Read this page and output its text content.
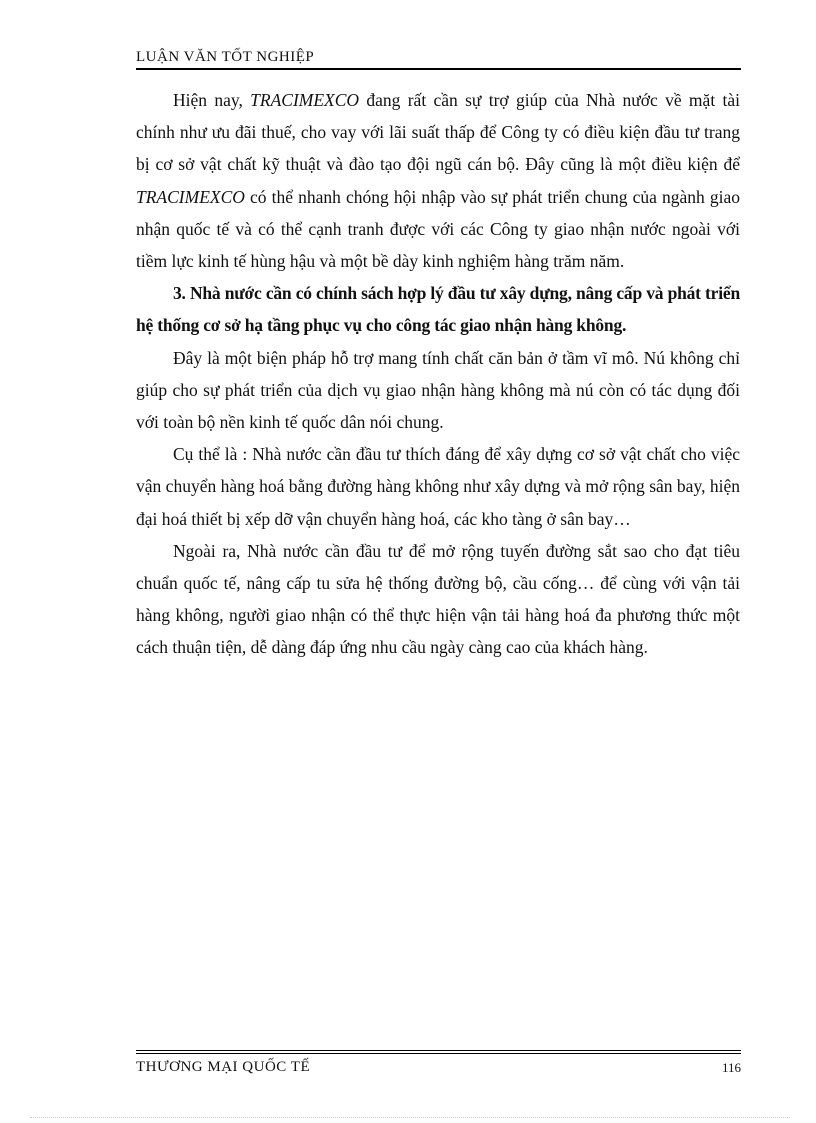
LUẬN VĂN TỐT NGHIỆP

Hiện nay, TRACIMEXCO đang rất cần sự trợ giúp của Nhà nước về mặt tài chính như ưu đãi thuế, cho vay với lãi suất thấp để Công ty có điều kiện đầu tư trang bị cơ sở vật chất kỹ thuật và đào tạo đội ngũ cán bộ. Đây cũng là một điều kiện để TRACIMEXCO có thể nhanh chóng hội nhập vào sự phát triển chung của ngành giao nhận quốc tế và có thể cạnh tranh được với các Công ty giao nhận nước ngoài với tiềm lực kinh tế hùng hậu và một bề dày kinh nghiệm hàng trăm năm.

3. Nhà nước cần có chính sách hợp lý đầu tư xây dựng, nâng cấp và phát triển hệ thống cơ sở hạ tầng phục vụ cho công tác giao nhận hàng không.

Đây là một biện pháp hỗ trợ mang tính chất căn bản ở tầm vĩ mô. Nú không chỉ giúp cho sự phát triển của dịch vụ giao nhận hàng không mà nú còn có tác dụng đối với toàn bộ nền kinh tế quốc dân nói chung.

Cụ thể là : Nhà nước cần đầu tư thích đáng để xây dựng cơ sở vật chất cho việc vận chuyển hàng hoá bằng đường hàng không như xây dựng và mở rộng sân bay, hiện đại hoá thiết bị xếp dỡ vận chuyển hàng hoá, các kho tàng ở sân bay…

Ngoài ra, Nhà nước cần đầu tư để mở rộng tuyến đường sắt sao cho đạt tiêu chuẩn quốc tế, nâng cấp tu sửa hệ thống đường bộ, cầu cống… để cùng với vận tải hàng không, người giao nhận có thể thực hiện vận tải hàng hoá đa phương thức một cách thuận tiện, dễ dàng đáp ứng nhu cầu ngày càng cao của khách hàng.

THƯƠNG MẠI QUỐC TẾ	116
